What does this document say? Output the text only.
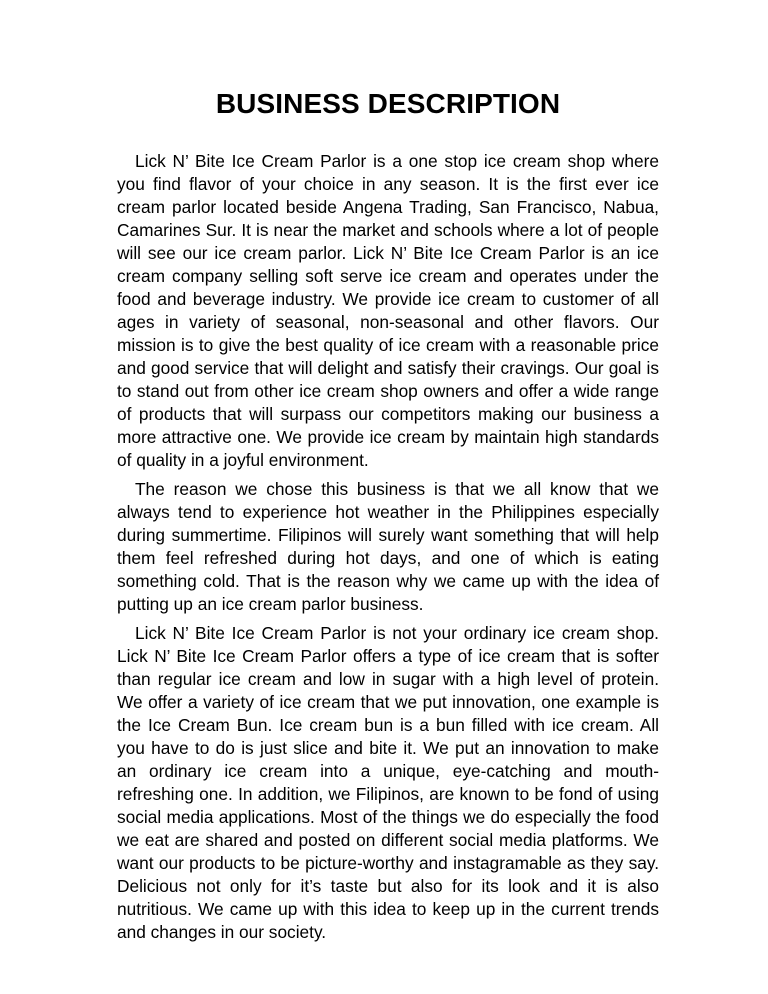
BUSINESS DESCRIPTION

Lick N’ Bite Ice Cream Parlor is a one stop ice cream shop where you find flavor of your choice in any season. It is the first ever ice cream parlor located beside Angena Trading, San Francisco, Nabua, Camarines Sur. It is near the market and schools where a lot of people will see our ice cream parlor. Lick N’ Bite Ice Cream Parlor is an ice cream company selling soft serve ice cream and operates under the food and beverage industry. We provide ice cream to customer of all ages in variety of seasonal, non-seasonal and other flavors. Our mission is to give the best quality of ice cream with a reasonable price and good service that will delight and satisfy their cravings. Our goal is to stand out from other ice cream shop owners and offer a wide range of products that will surpass our competitors making our business a more attractive one. We provide ice cream by maintain high standards of quality in a joyful environment.

The reason we chose this business is that we all know that we always tend to experience hot weather in the Philippines especially during summertime. Filipinos will surely want something that will help them feel refreshed during hot days, and one of which is eating something cold. That is the reason why we came up with the idea of putting up an ice cream parlor business.

Lick N’ Bite Ice Cream Parlor is not your ordinary ice cream shop. Lick N’ Bite Ice Cream Parlor offers a type of ice cream that is softer than regular ice cream and low in sugar with a high level of protein. We offer a variety of ice cream that we put innovation, one example is the Ice Cream Bun. Ice cream bun is a bun filled with ice cream. All you have to do is just slice and bite it. We put an innovation to make an ordinary ice cream into a unique, eye-catching and mouth-refreshing one. In addition, we Filipinos, are known to be fond of using social media applications. Most of the things we do especially the food we eat are shared and posted on different social media platforms. We want our products to be picture-worthy and instagramable as they say. Delicious not only for it’s taste but also for its look and it is also nutritious. We came up with this idea to keep up in the current trends and changes in our society.
